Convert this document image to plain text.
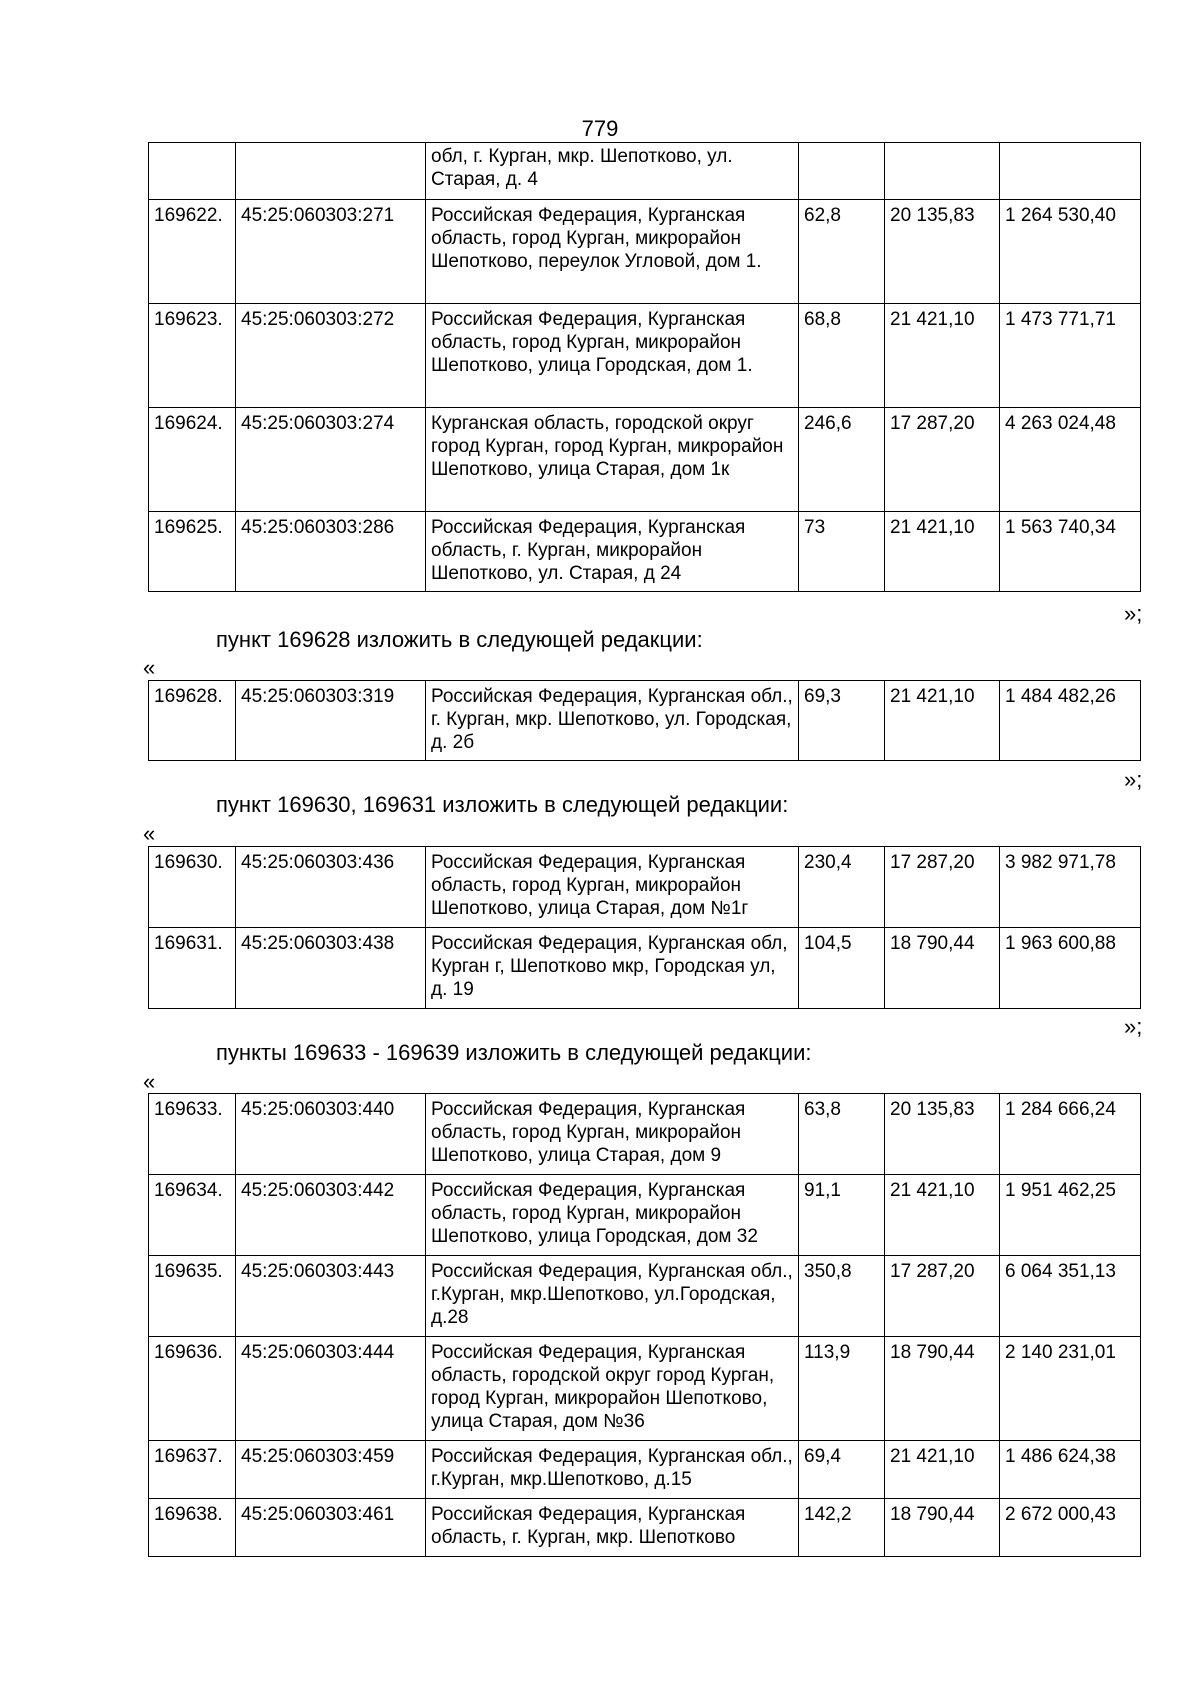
779
		обл, г. Курган, мкр. Шепотково, ул. Старая, д. 4			
169622.	45:25:060303:271	Российская Федерация, Курганская область, город Курган, микрорайон Шепотково, переулок Угловой, дом 1.	62,8	20 135,83	1 264 530,40
169623.	45:25:060303:272	Российская Федерация, Курганская область, город Курган, микрорайон Шепотково, улица Городская, дом 1.	68,8	21 421,10	1 473 771,71
169624.	45:25:060303:274	Курганская область, городской округ город Курган, город Курган, микрорайон Шепотково, улица Старая, дом 1к	246,6	17 287,20	4 263 024,48
169625.	45:25:060303:286	Российская Федерация, Курганская область, г. Курган, микрорайон Шепотково, ул. Старая, д 24	73	21 421,10	1 563 740,34
»;
пункт 169628 изложить в следующей редакции:
«
169628.	45:25:060303:319	Российская Федерация, Курганская обл., г. Курган, мкр. Шепотково, ул. Городская, д. 2б	69,3	21 421,10	1 484 482,26
»;
пункт 169630, 169631 изложить в следующей редакции:
«
169630.	45:25:060303:436	Российская Федерация, Курганская область, город Курган, микрорайон Шепотково, улица Старая, дом №1г	230,4	17 287,20	3 982 971,78
169631.	45:25:060303:438	Российская Федерация, Курганская обл, Курган г, Шепотково мкр, Городская ул, д. 19	104,5	18 790,44	1 963 600,88
»;
пункты 169633 - 169639 изложить в следующей редакции:
«
169633.	45:25:060303:440	Российская Федерация, Курганская область, город Курган, микрорайон Шепотково, улица Старая, дом 9	63,8	20 135,83	1 284 666,24
169634.	45:25:060303:442	Российская Федерация, Курганская область, город Курган, микрорайон Шепотково, улица Городская, дом 32	91,1	21 421,10	1 951 462,25
169635.	45:25:060303:443	Российская Федерация, Курганская обл., г.Курган, мкр.Шепотково, ул.Городская, д.28	350,8	17 287,20	6 064 351,13
169636.	45:25:060303:444	Российская Федерация, Курганская область, городской округ город Курган, город Курган, микрорайон Шепотково, улица Старая, дом №36	113,9	18 790,44	2 140 231,01
169637.	45:25:060303:459	Российская Федерация, Курганская обл., г.Курган, мкр.Шепотково, д.15	69,4	21 421,10	1 486 624,38
169638.	45:25:060303:461	Российская Федерация, Курганская область, г. Курган, мкр. Шепотково	142,2	18 790,44	2 672 000,43
